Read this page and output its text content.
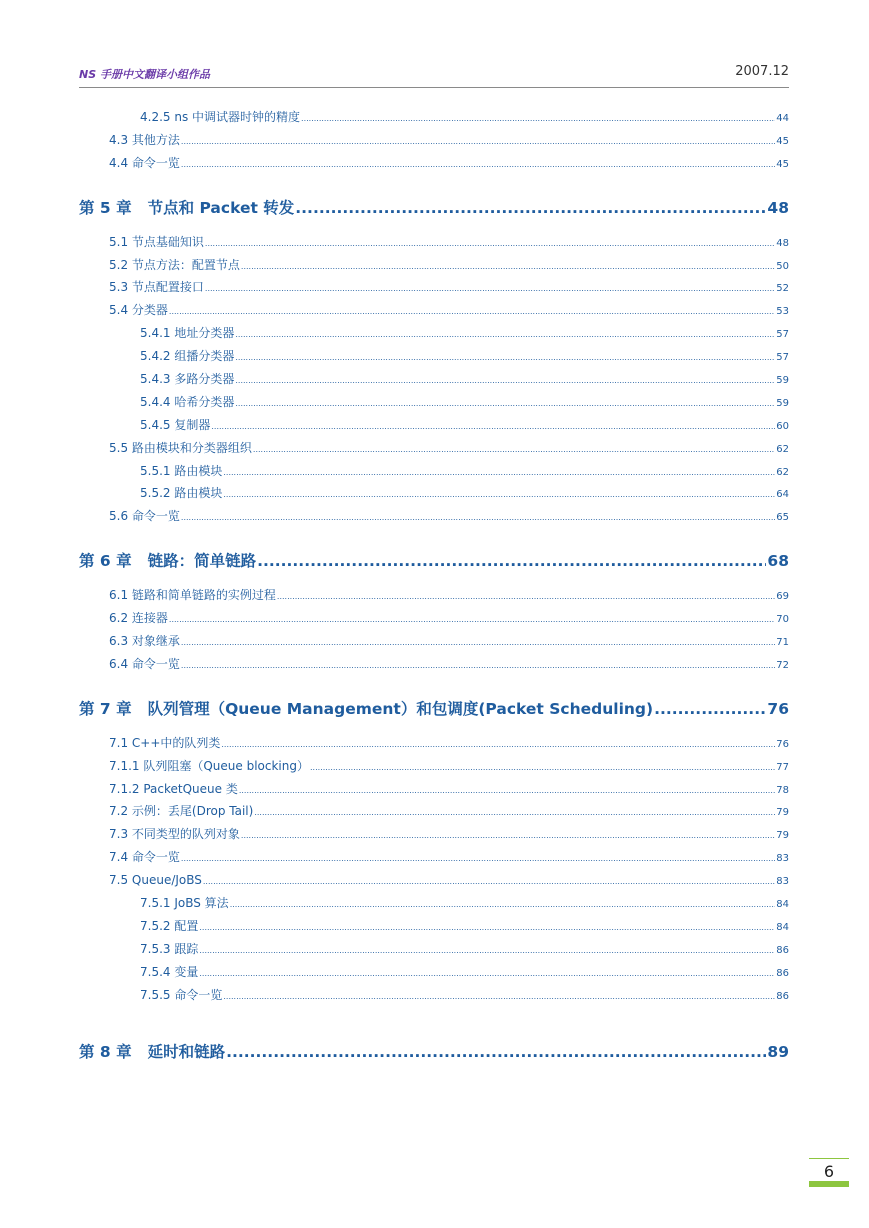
NS 手册中文翻译小组作品	2007.12
4.2.5 ns 中调试器时钟的精度 .....	44
4.3 其他方法 .....	45
4.4 命令一览 .....	45
第 5 章 节点和 Packet 转发 .....	48
5.1 节点基础知识 .....	48
5.2 节点方法：配置节点 .....	50
5.3 节点配置接口 .....	52
5.4 分类器 .....	53
5.4.1 地址分类器 .....	57
5.4.2 组播分类器 .....	57
5.4.3 多路分类器 .....	59
5.4.4 哈希分类器 .....	59
5.4.5 复制器 .....	60
5.5 路由模块和分类器组织 .....	62
5.5.1 路由模块 .....	62
5.5.2 路由模块 .....	64
5.6 命令一览 .....	65
第 6 章 链路：简单链路 .....	68
6.1 链路和简单链路的实例过程 .....	69
6.2 连接器 .....	70
6.3 对象继承 .....	71
6.4 命令一览 .....	72
第 7 章 队列管理（Queue Management）和包调度(Packet Scheduling) .....	76
7.1 C++中的队列类 .....	76
7.1.1 队列阻塞（Queue blocking） .....	77
7.1.2 PacketQueue 类 .....	78
7.2 示例：丢尾(Drop Tail) .....	79
7.3 不同类型的队列对象 .....	79
7.4 命令一览 .....	83
7.5 Queue/JoBS .....	83
7.5.1 JoBS 算法 .....	84
7.5.2 配置 .....	84
7.5.3 跟踪 .....	86
7.5.4 变量 .....	86
7.5.5 命令一览 .....	86
第 8 章 延时和链路 .....	89
6
